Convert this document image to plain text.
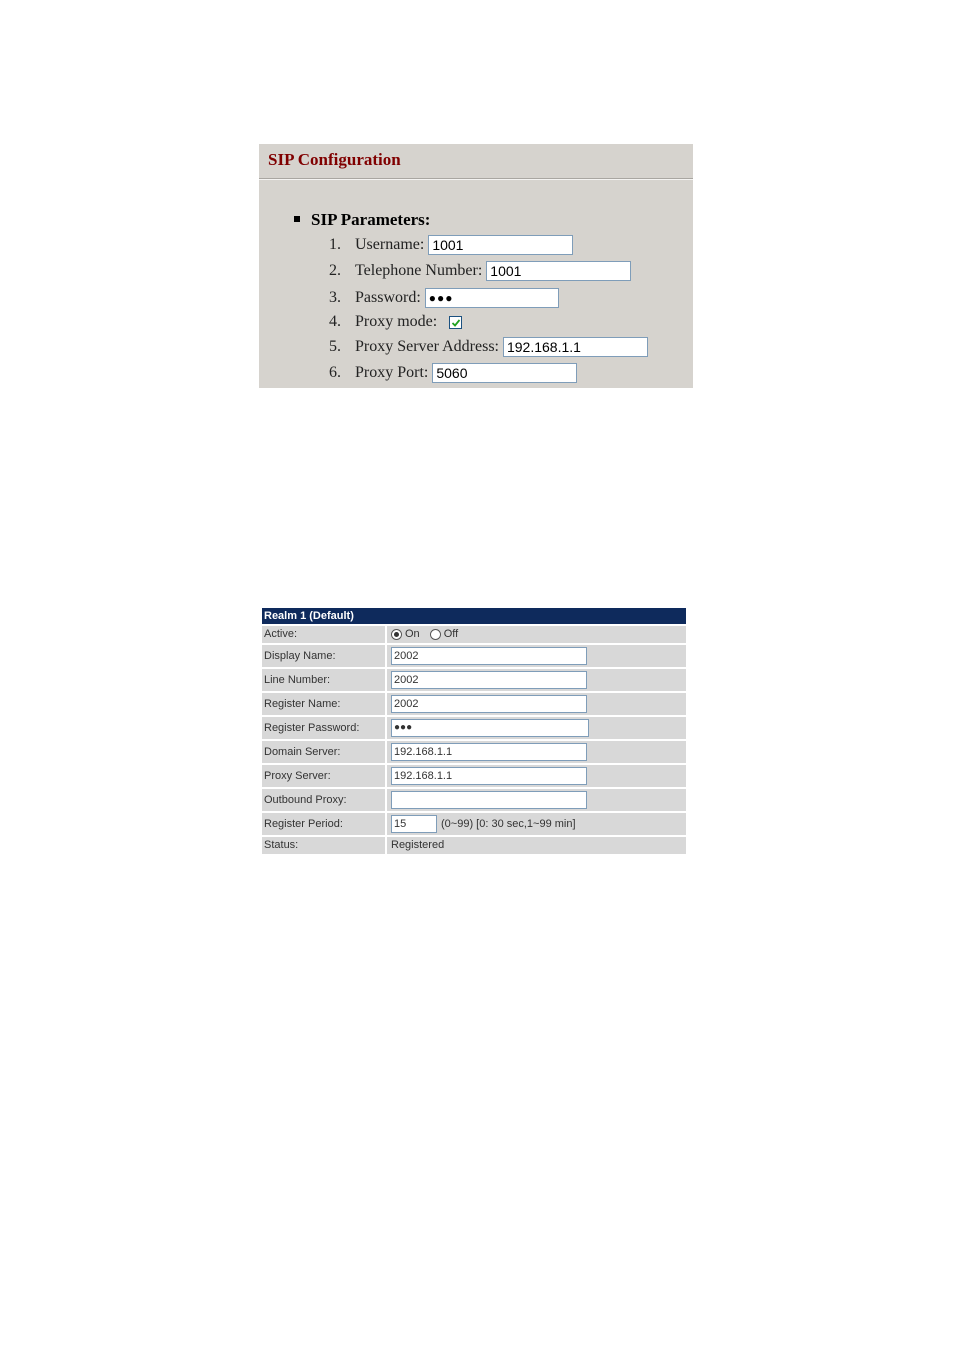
SIP Configuration
SIP Parameters:
1. Username: 1001
2. Telephone Number: 1001
3. Password: ●●●
4. Proxy mode:
5. Proxy Server Address: 192.168.1.1
6. Proxy Port: 5060
Realm 1 (Default)
Active:	On Off
Display Name:	2002
Line Number:	2002
Register Name:	2002
Register Password:	●●●
Domain Server:	192.168.1.1
Proxy Server:	192.168.1.1
Outbound Proxy:
Register Period:	15	(0~99) [0: 30 sec,1~99 min]
Status:	Registered
